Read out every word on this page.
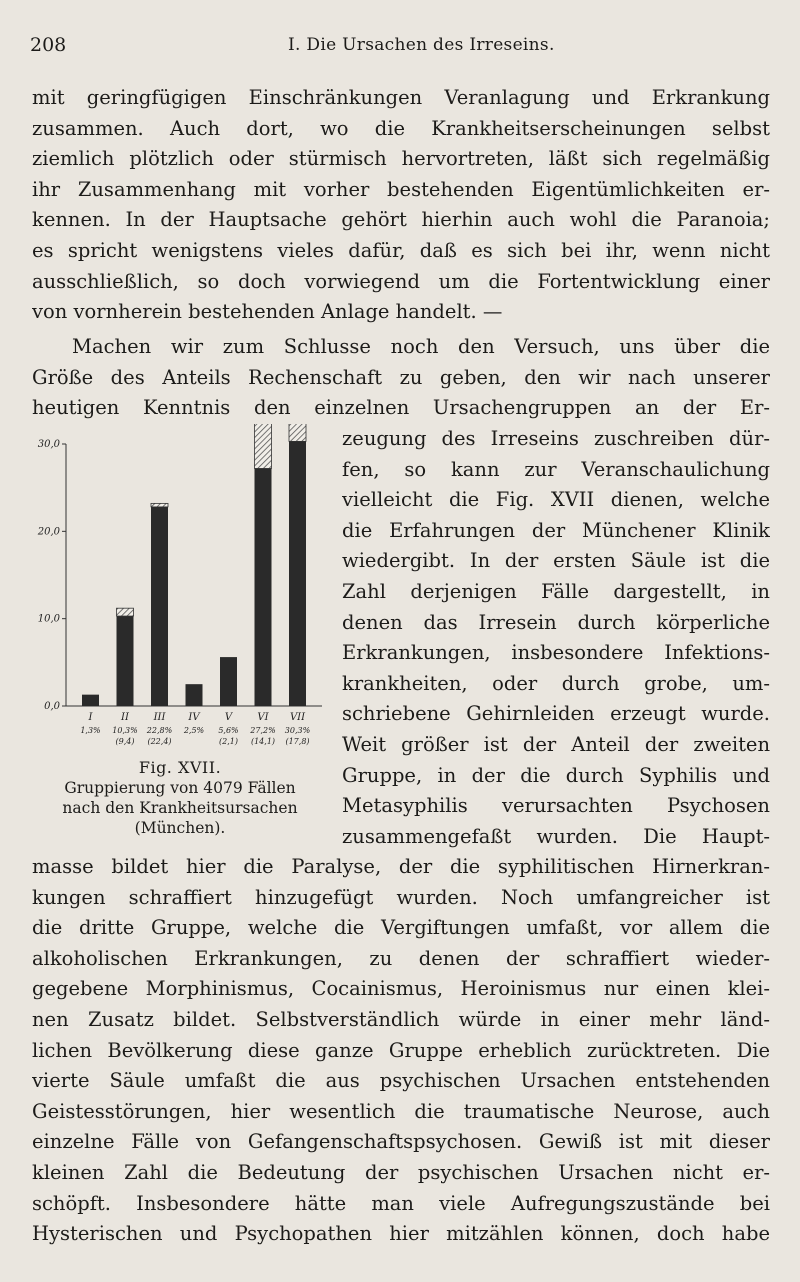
208	I. Die Ursachen des Irreseins.
mit geringfügigen Einschränkungen Veranlagung und Erkrankung
zusammen. Auch dort, wo die Krankheitserscheinungen selbst
ziemlich plötzlich oder stürmisch hervortreten, läßt sich regelmäßig
ihr Zusammenhang mit vorher bestehenden Eigentümlichkeiten er-
kennen. In der Hauptsache gehört hierhin auch wohl die Paranoia;
es spricht wenigstens vieles dafür, daß es sich bei ihr, wenn nicht
ausschließlich, so doch vorwiegend um die Fortentwicklung einer
von vornherein bestehenden Anlage handelt. —
Machen wir zum Schlusse noch den Versuch, uns über die
Größe des Anteils Rechenschaft zu geben, den wir nach unserer
heutigen Kenntnis den einzelnen Ursachengruppen an der Er-
zeugung des Irreseins zuschreiben dür-
fen, so kann zur Veranschaulichung
vielleicht die Fig. XVII dienen, welche
die Erfahrungen der Münchener Klinik
wiedergibt. In der ersten Säule ist die
Zahl derjenigen Fälle dargestellt, in
denen das Irresein durch körperliche
Erkrankungen, insbesondere Infektions-
krankheiten, oder durch grobe, um-
schriebene Gehirnleiden erzeugt wurde.
Weit größer ist der Anteil der zweiten
Gruppe, in der die durch Syphilis und
Metasyphilis verursachten Psychosen
zusammengefaßt wurden. Die Haupt-
0,0
10,0
20,0
30,0
I
1,3%
II
10,3%
(9,4)
III
22,8%
(22,4)
IV
2,5%
V
5,6%
(2,1)
VI
27,2%
(14,1)
VII
30,3%
(17,8)
Fig. XVII.
Gruppierung von 4079 Fällen
nach den Krankheitsursachen
(München).
masse bildet hier die Paralyse, der die syphilitischen Hirnerkran-
kungen schraffiert hinzugefügt wurden. Noch umfangreicher ist
die dritte Gruppe, welche die Vergiftungen umfaßt, vor allem die
alkoholischen Erkrankungen, zu denen der schraffiert wieder-
gegebene Morphinismus, Cocainismus, Heroinismus nur einen klei-
nen Zusatz bildet. Selbstverständlich würde in einer mehr länd-
lichen Bevölkerung diese ganze Gruppe erheblich zurücktreten. Die
vierte Säule umfaßt die aus psychischen Ursachen entstehenden
Geistesstörungen, hier wesentlich die traumatische Neurose, auch
einzelne Fälle von Gefangenschaftspsychosen. Gewiß ist mit dieser
kleinen Zahl die Bedeutung der psychischen Ursachen nicht er-
schöpft. Insbesondere hätte man viele Aufregungszustände bei
Hysterischen und Psychopathen hier mitzählen können, doch habe
